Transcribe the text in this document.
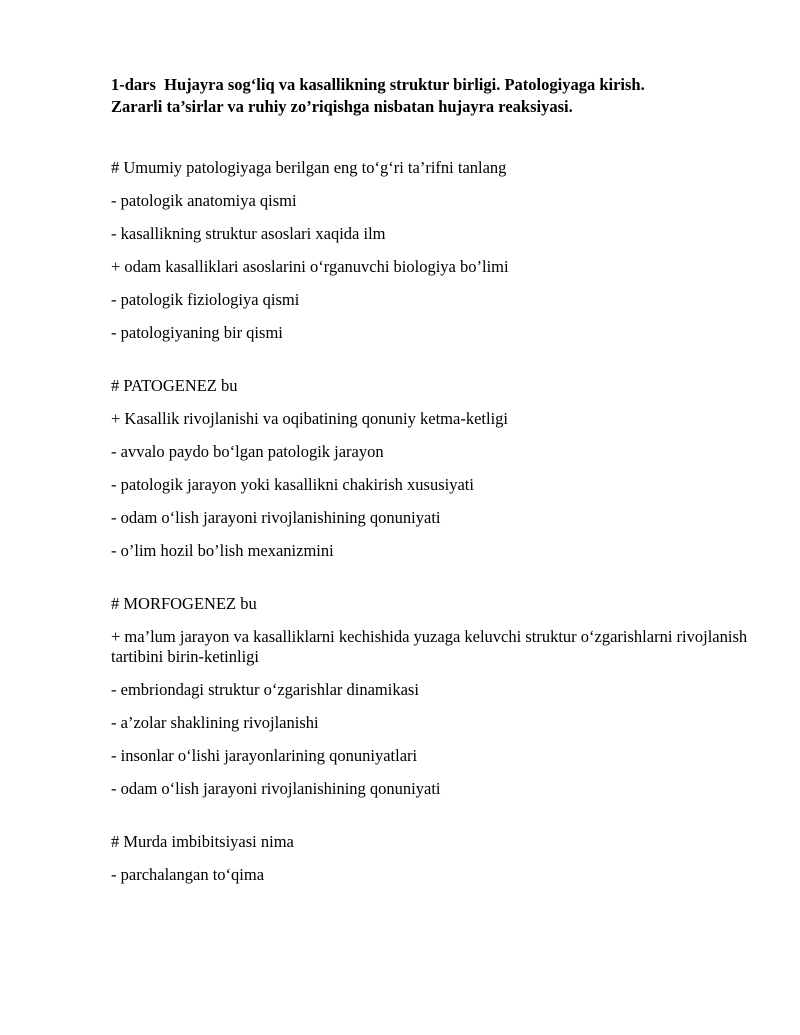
1-dars  Hujayra sog‘liq va kasallikning struktur birligi. Patologiyaga kirish.
Zararli ta’sirlar va ruhiy zo’riqishga nisbatan hujayra reaksiyasi.
# Umumiy patologiyaga berilgan eng to‘g‘ri ta’rifni tanlang
- patologik anatomiya qismi
- kasallikning struktur asoslari xaqida ilm
+ odam kasalliklari asoslarini o‘rganuvchi biologiya bo’limi
- patologik fiziologiya qismi
- patologiyaning bir qismi
# PATOGENEZ bu
+ Kasallik rivojlanishi va oqibatining qonuniy ketma-ketligi
- avvalo paydo bo‘lgan patologik jarayon
- patologik jarayon yoki kasallikni chakirish xususiyati
- odam o‘lish jarayoni rivojlanishining qonuniyati
- o’lim hozil bo’lish mexanizmini
# MORFOGENEZ bu
+ ma’lum jarayon va kasalliklarni kechishida yuzaga keluvchi struktur o‘zgarishlarni rivojlanish tartibini birin-ketinligi
- embriondagi struktur o‘zgarishlar dinamikasi
- a’zolar shaklining rivojlanishi
- insonlar o‘lishi jarayonlarining qonuniyatlari
- odam o‘lish jarayoni rivojlanishining qonuniyati
# Murda imbibitsiyasi nima
- parchalangan to‘qima
